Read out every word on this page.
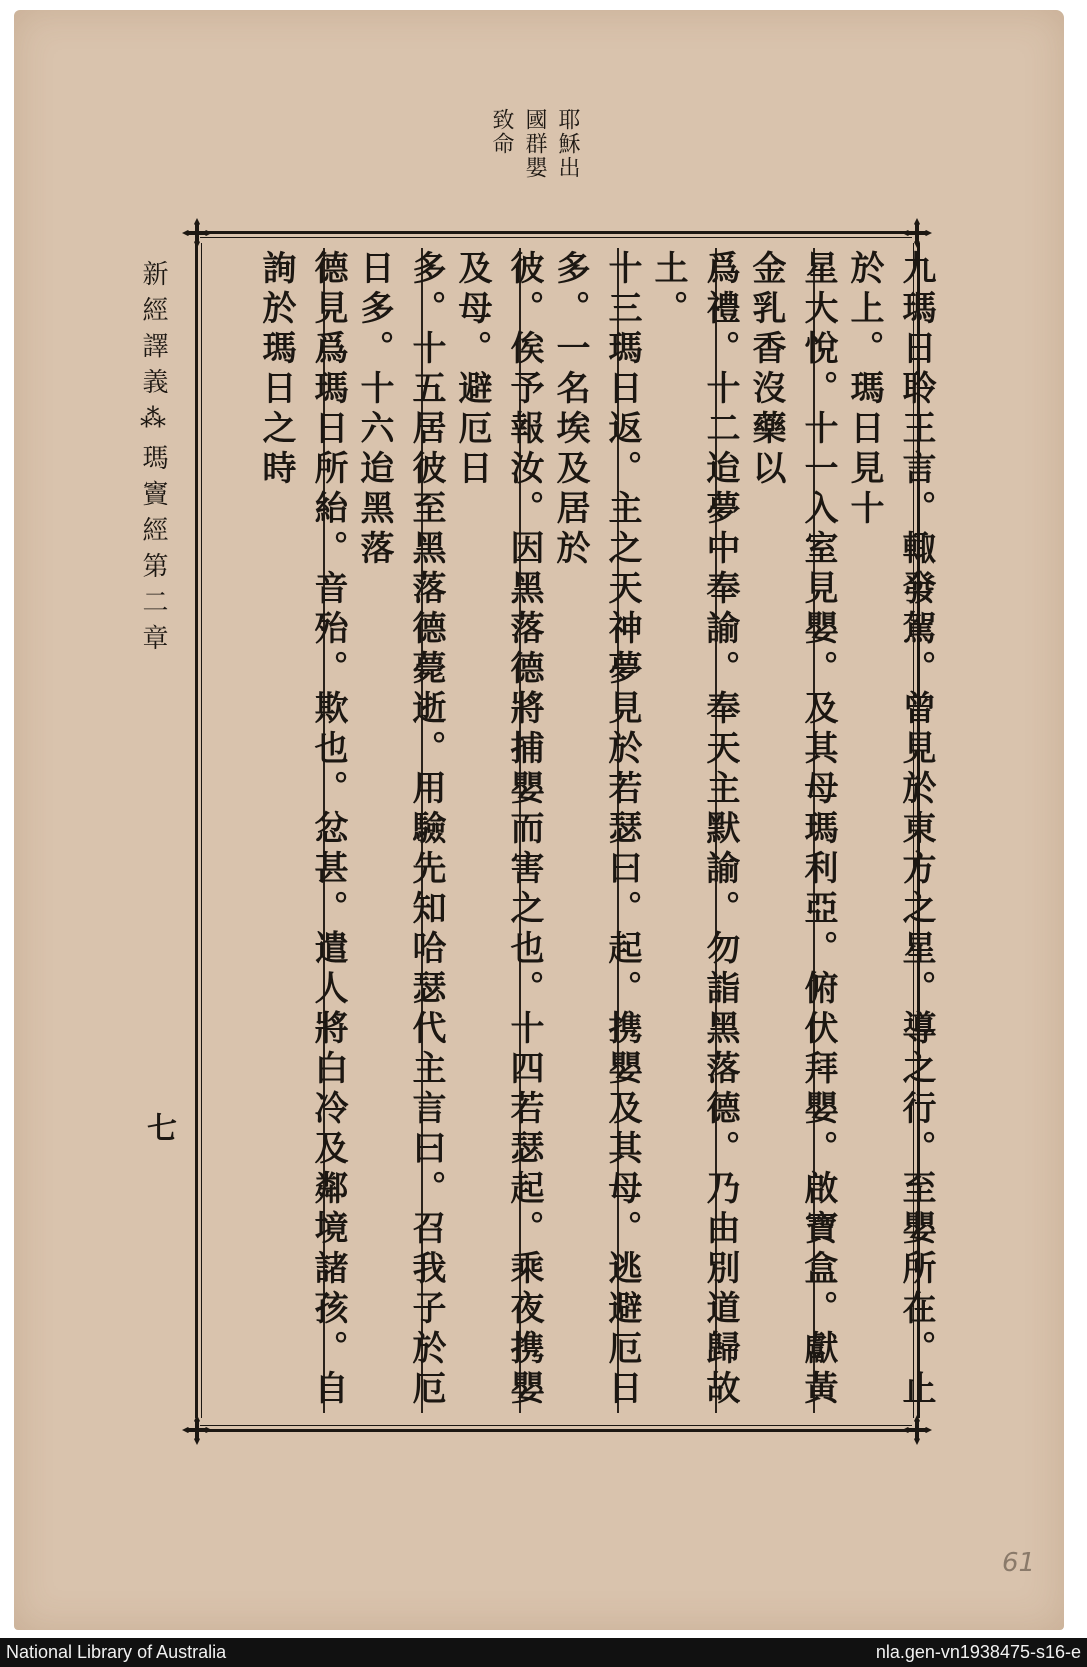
耶穌出
國群嬰
致命
九瑪日聆王言。輙發駕。曾見於東方之星。導之行。至嬰所在。止於上。瑪日見十
星大悅。十一入室見嬰。及其母瑪利亞。俯伏拜嬰。啟寶盒。獻黃金乳香沒藥以
爲禮。十二迨夢中奉諭。奉天主默諭。勿詣黑落德。乃由別道歸故土。
十三瑪日返。主之天神夢見於若瑟曰。起。携嬰及其母。逃避厄日多。一名埃及居於
彼。俟予報汝。因黑落德將捕嬰而害之也。十四若瑟起。乘夜携嬰及母。避厄日
多。十五居彼至黑落德薨逝。用驗先知哈瑟代主言曰。召我子於厄日多。十六迨黑落
德見爲瑪日所紿。音殆。欺也。忿甚。遣人將白冷及鄰境諸孩。自詢於瑪日之時
新經譯義⁂瑪竇經第二章
七
61
National Library of Australia	nla.gen-vn1938475-s16-e
